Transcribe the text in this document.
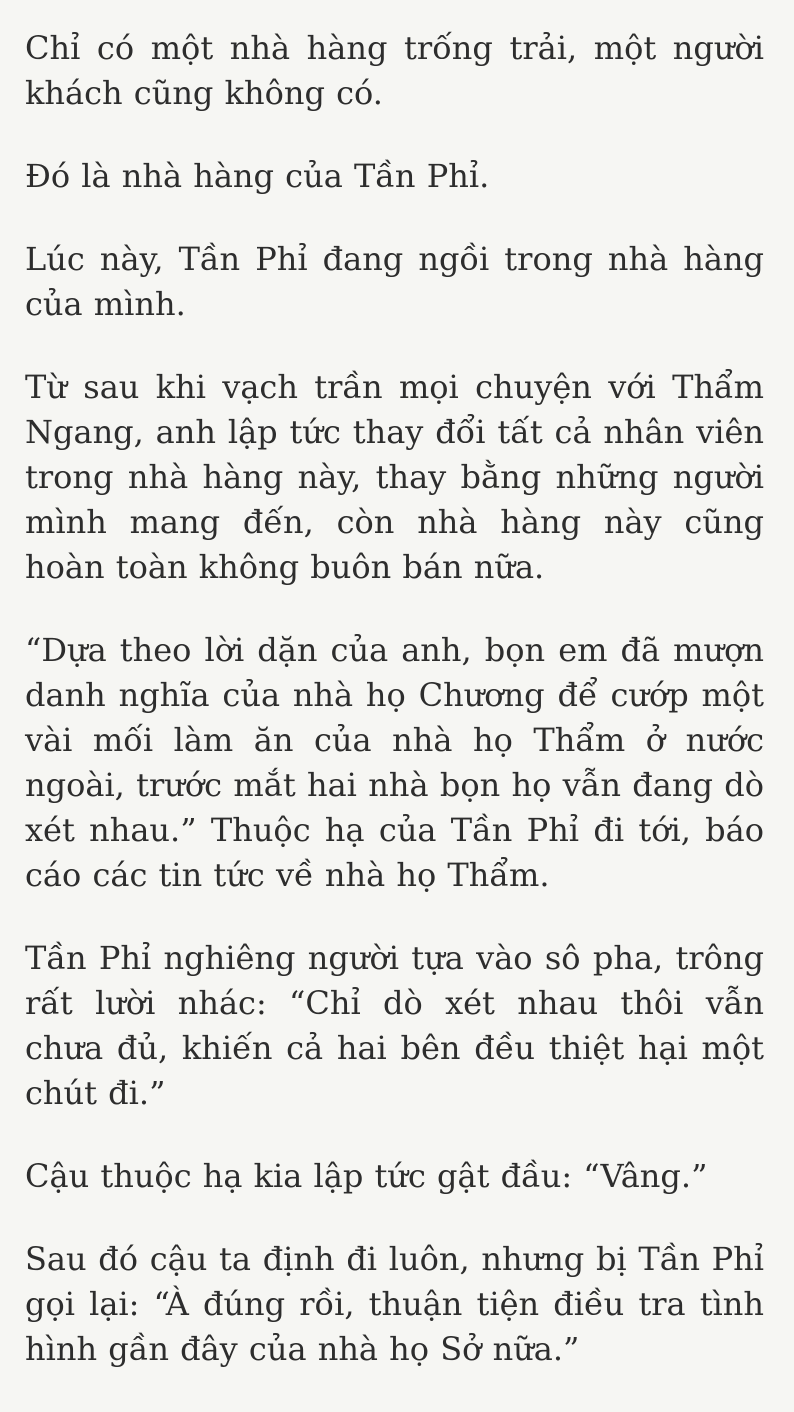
Chỉ có một nhà hàng trống trải, một người khách cũng không có.

Đó là nhà hàng của Tần Phỉ.

Lúc này, Tần Phỉ đang ngồi trong nhà hàng của mình.

Từ sau khi vạch trần mọi chuyện với Thẩm Ngang, anh lập tức thay đổi tất cả nhân viên trong nhà hàng này, thay bằng những người mình mang đến, còn nhà hàng này cũng hoàn toàn không buôn bán nữa.

“Dựa theo lời dặn của anh, bọn em đã mượn danh nghĩa của nhà họ Chương để cướp một vài mối làm ăn của nhà họ Thẩm ở nước ngoài, trước mắt hai nhà bọn họ vẫn đang dò xét nhau.” Thuộc hạ của Tần Phỉ đi tới, báo cáo các tin tức về nhà họ Thẩm.

Tần Phỉ nghiêng người tựa vào sô pha, trông rất lười nhác: “Chỉ dò xét nhau thôi vẫn chưa đủ, khiến cả hai bên đều thiệt hại một chút đi.”

Cậu thuộc hạ kia lập tức gật đầu: “Vâng.”

Sau đó cậu ta định đi luôn, nhưng bị Tần Phỉ gọi lại: “À đúng rồi, thuận tiện điều tra tình hình gần đây của nhà họ Sở nữa.”
